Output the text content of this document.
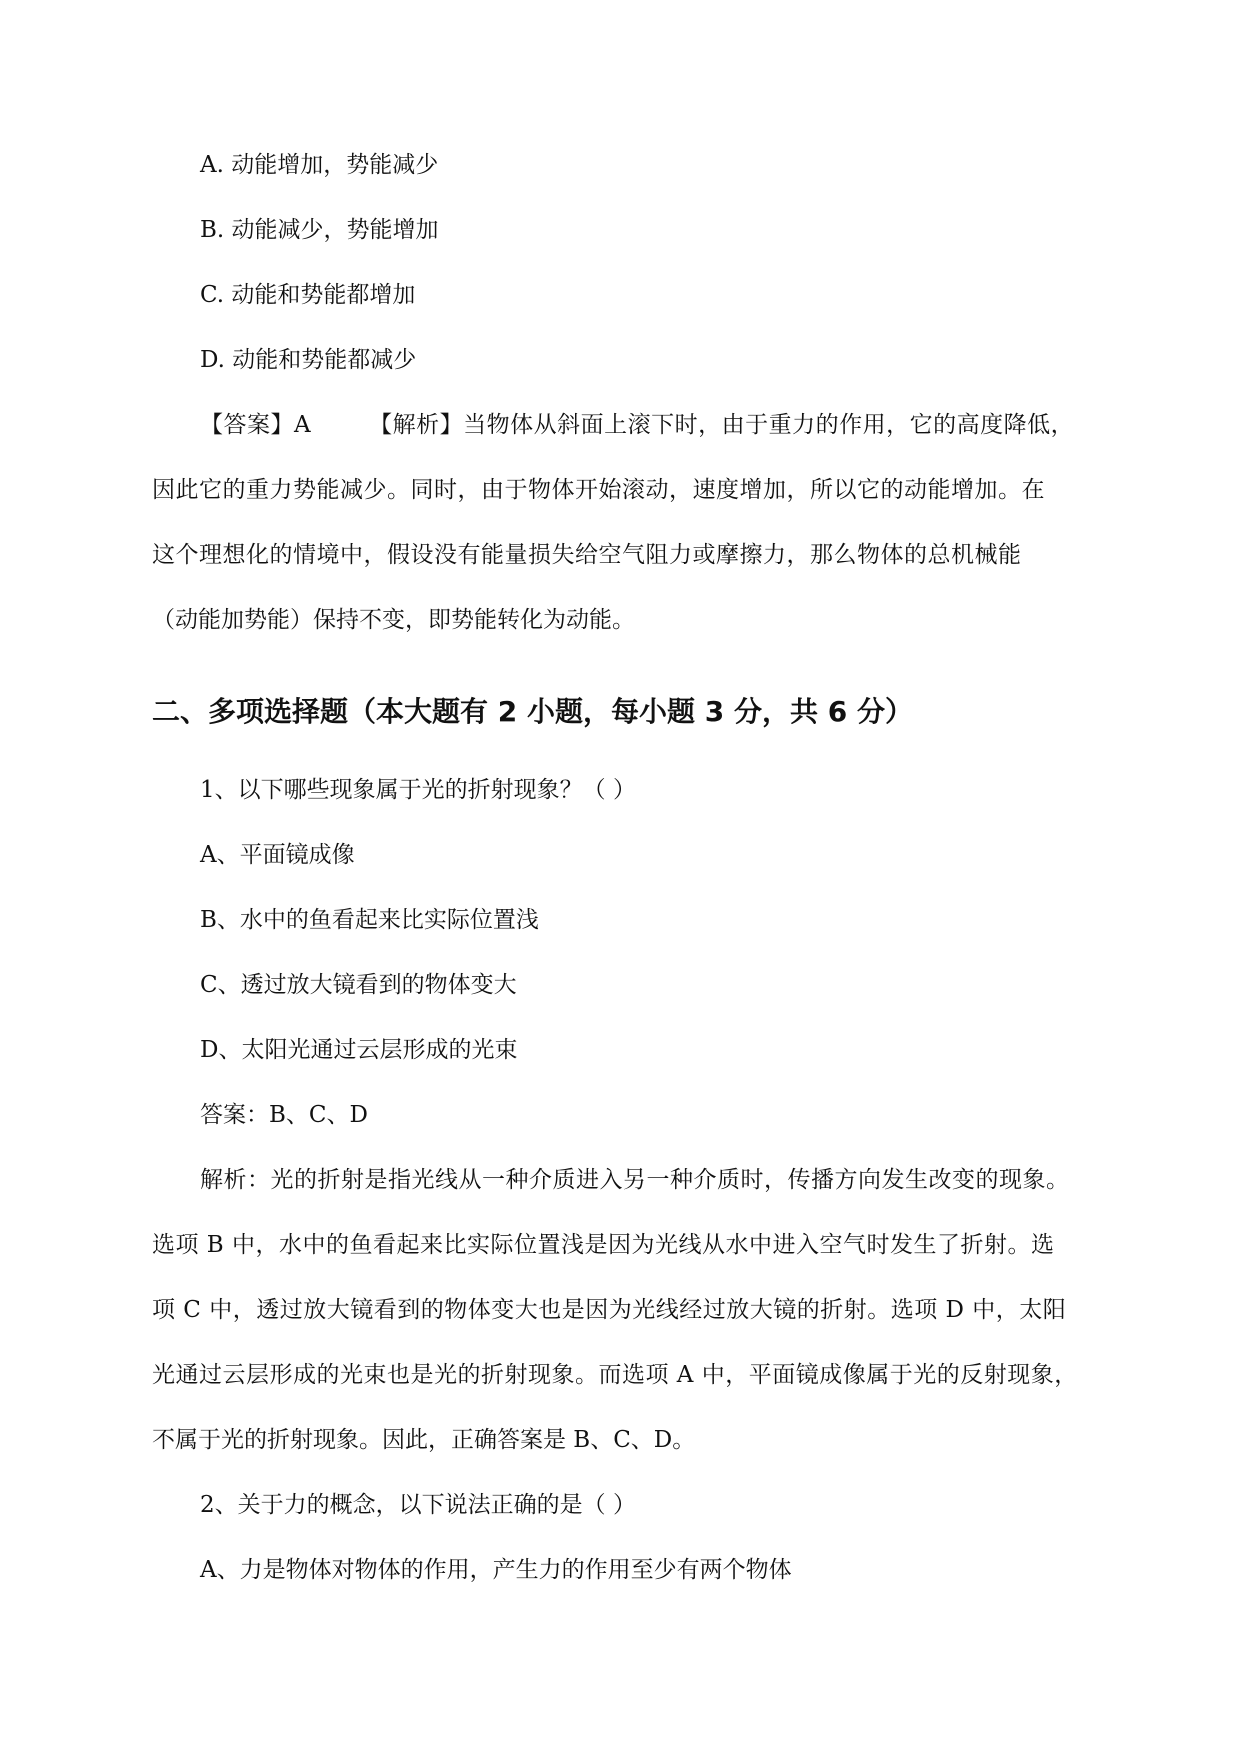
A. 动能增加，势能减少
B. 动能减少，势能增加
C. 动能和势能都增加
D. 动能和势能都减少
【答案】A	【解析】当物体从斜面上滚下时，由于重力的作用，它的高度降低，
因此它的重力势能减少。同时，由于物体开始滚动，速度增加，所以它的动能增加。在
这个理想化的情境中，假设没有能量损失给空气阻力或摩擦力，那么物体的总机械能
（动能加势能）保持不变，即势能转化为动能。
二、多项选择题（本大题有 2 小题，每小题 3 分，共 6 分）
1、以下哪些现象属于光的折射现象？（ ）
A、平面镜成像
B、水中的鱼看起来比实际位置浅
C、透过放大镜看到的物体变大
D、太阳光通过云层形成的光束
答案：B、C、D
解析：光的折射是指光线从一种介质进入另一种介质时，传播方向发生改变的现象。
选项 B 中，水中的鱼看起来比实际位置浅是因为光线从水中进入空气时发生了折射。选
项 C 中，透过放大镜看到的物体变大也是因为光线经过放大镜的折射。选项 D 中，太阳
光通过云层形成的光束也是光的折射现象。而选项 A 中，平面镜成像属于光的反射现象，
不属于光的折射现象。因此，正确答案是 B、C、D。
2、关于力的概念，以下说法正确的是（ ）
A、力是物体对物体的作用，产生力的作用至少有两个物体
